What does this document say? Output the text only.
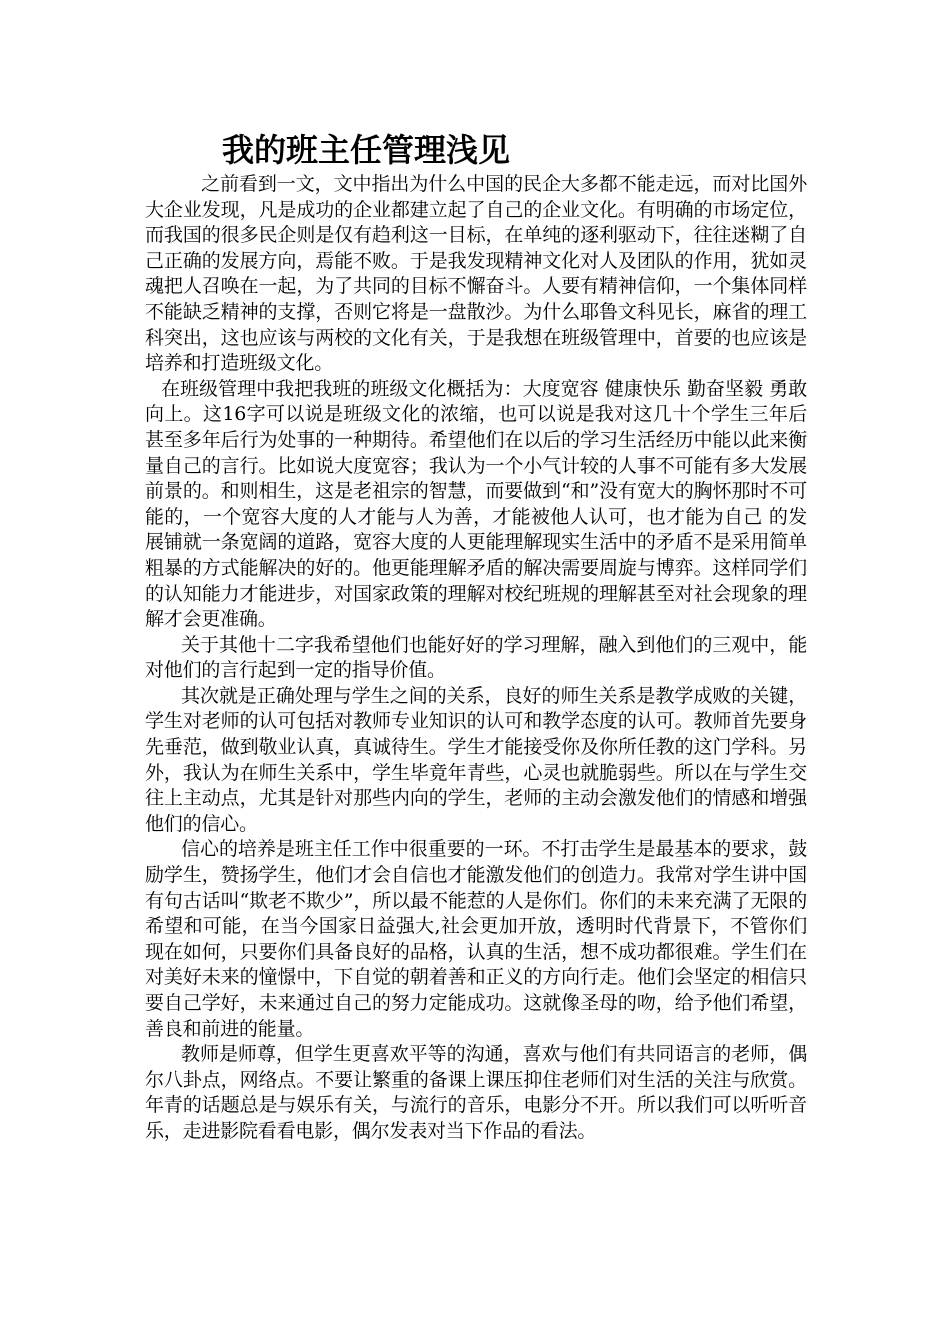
我的班主任管理浅见

之前看到一文，文中指出为什么中国的民企大多都不能走远，而对比国外大企业发现，凡是成功的企业都建立起了自己的企业文化。有明确的市场定位，而我国的很多民企则是仅有趋利这一目标，在单纯的逐利驱动下，往往迷糊了自己正确的发展方向，焉能不败。于是我发现精神文化对人及团队的作用，犹如灵魂把人召唤在一起，为了共同的目标不懈奋斗。人要有精神信仰，一个集体同样不能缺乏精神的支撑，否则它将是一盘散沙。为什么耶鲁文科见长，麻省的理工科突出，这也应该与两校的文化有关，于是我想在班级管理中，首要的也应该是培养和打造班级文化。

在班级管理中我把我班的班级文化概括为：大度宽容 健康快乐 勤奋坚毅 勇敢向上。这16字可以说是班级文化的浓缩，也可以说是我对这几十个学生三年后甚至多年后行为处事的一种期待。希望他们在以后的学习生活经历中能以此来衡量自己的言行。比如说大度宽容；我认为一个小气计较的人事不可能有多大发展前景的。和则相生，这是老祖宗的智慧，而要做到“和”没有宽大的胸怀那时不可能的，一个宽容大度的人才能与人为善，才能被他人认可，也才能为自己 的发展铺就一条宽阔的道路，宽容大度的人更能理解现实生活中的矛盾不是采用简单粗暴的方式能解决的好的。他更能理解矛盾的解决需要周旋与博弈。这样同学们的认知能力才能进步，对国家政策的理解对校纪班规的理解甚至对社会现象的理解才会更准确。

关于其他十二字我希望他们也能好好的学习理解，融入到他们的三观中，能对他们的言行起到一定的指导价值。

其次就是正确处理与学生之间的关系，良好的师生关系是教学成败的关键，学生对老师的认可包括对教师专业知识的认可和教学态度的认可。教师首先要身先垂范，做到敬业认真，真诚待生。学生才能接受你及你所任教的这门学科。另外，我认为在师生关系中，学生毕竟年青些，心灵也就脆弱些。所以在与学生交往上主动点，尤其是针对那些内向的学生，老师的主动会激发他们的情感和增强他们的信心。

信心的培养是班主任工作中很重要的一环。不打击学生是最基本的要求，鼓励学生，赞扬学生，他们才会自信也才能激发他们的创造力。我常对学生讲中国有句古话叫“欺老不欺少”，所以最不能惹的人是你们。你们的未来充满了无限的希望和可能，在当今国家日益强大,社会更加开放，透明时代背景下，不管你们现在如何，只要你们具备良好的品格，认真的生活，想不成功都很难。学生们在对美好未来的憧憬中，下自觉的朝着善和正义的方向行走。他们会坚定的相信只要自己学好，未来通过自己的努力定能成功。这就像圣母的吻，给予他们希望，善良和前进的能量。

教师是师尊，但学生更喜欢平等的沟通，喜欢与他们有共同语言的老师，偶尔八卦点，网络点。不要让繁重的备课上课压抑住老师们对生活的关注与欣赏。年青的话题总是与娱乐有关，与流行的音乐，电影分不开。所以我们可以听听音乐，走进影院看看电影，偶尔发表对当下作品的看法。
